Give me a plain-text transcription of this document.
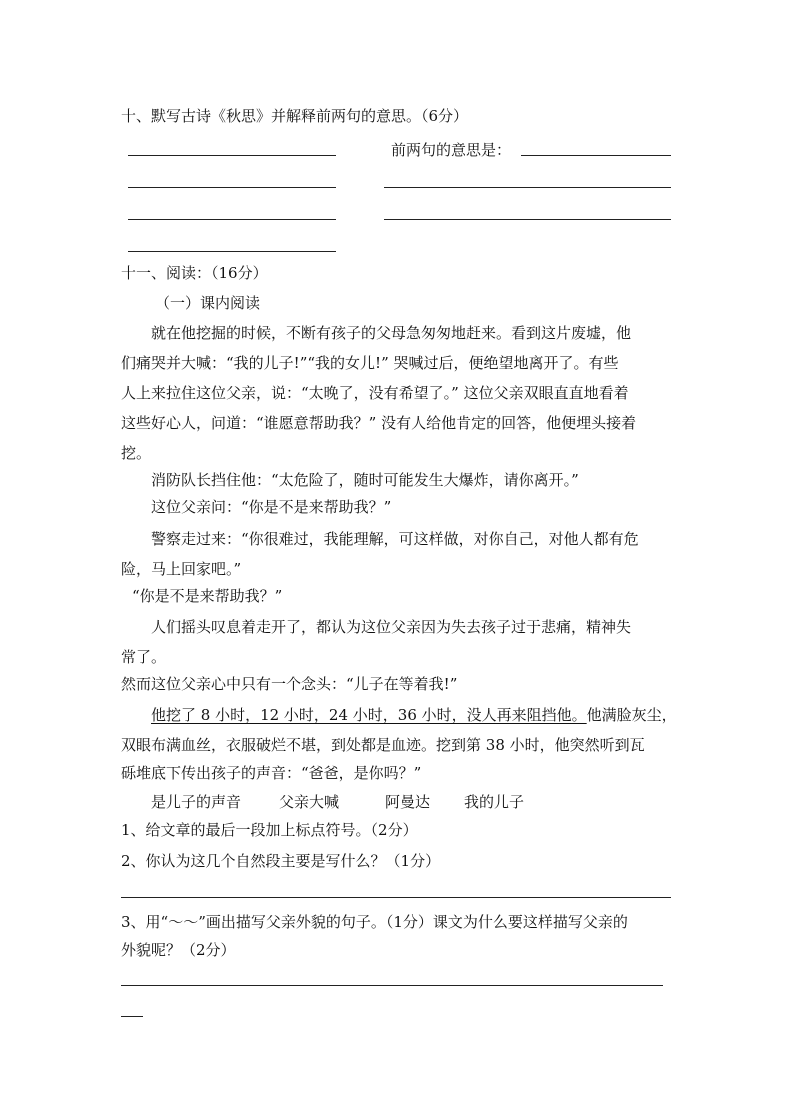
十、默写古诗《秋思》并解释前两句的意思。（6分）
前两句的意思是：
十一、阅读：（16分）
（一）课内阅读
就在他挖掘的时候，不断有孩子的父母急匆匆地赶来。看到这片废墟，他
们痛哭并大喊：“我的儿子!”“我的女儿!” 哭喊过后，便绝望地离开了。有些
人上来拉住这位父亲，说：“太晚了，没有希望了。” 这位父亲双眼直直地看着
这些好心人，问道：“谁愿意帮助我？” 没有人给他肯定的回答，他便埋头接着
挖。
消防队长挡住他：“太危险了，随时可能发生大爆炸，请你离开。”
这位父亲问：“你是不是来帮助我？”
警察走过来：“你很难过，我能理解，可这样做，对你自己，对他人都有危
险，马上回家吧。”
“你是不是来帮助我？”
人们摇头叹息着走开了，都认为这位父亲因为失去孩子过于悲痛，精神失
常了。
然而这位父亲心中只有一个念头：“儿子在等着我!”
他挖了 8 小时，12 小时，24 小时，36 小时，没人再来阻挡他。他满脸灰尘，
双眼布满血丝，衣服破烂不堪，到处都是血迹。挖到第 38 小时，他突然听到瓦
砾堆底下传出孩子的声音：“爸爸，是你吗？”
是儿子的声音	父亲大喊	阿曼达 我的儿子
1、给文章的最后一段加上标点符号。（2分）
2、你认为这几个自然段主要是写什么？（1分）
3、用“～～”画出描写父亲外貌的句子。（1分）课文为什么要这样描写父亲的
外貌呢？（2分）
